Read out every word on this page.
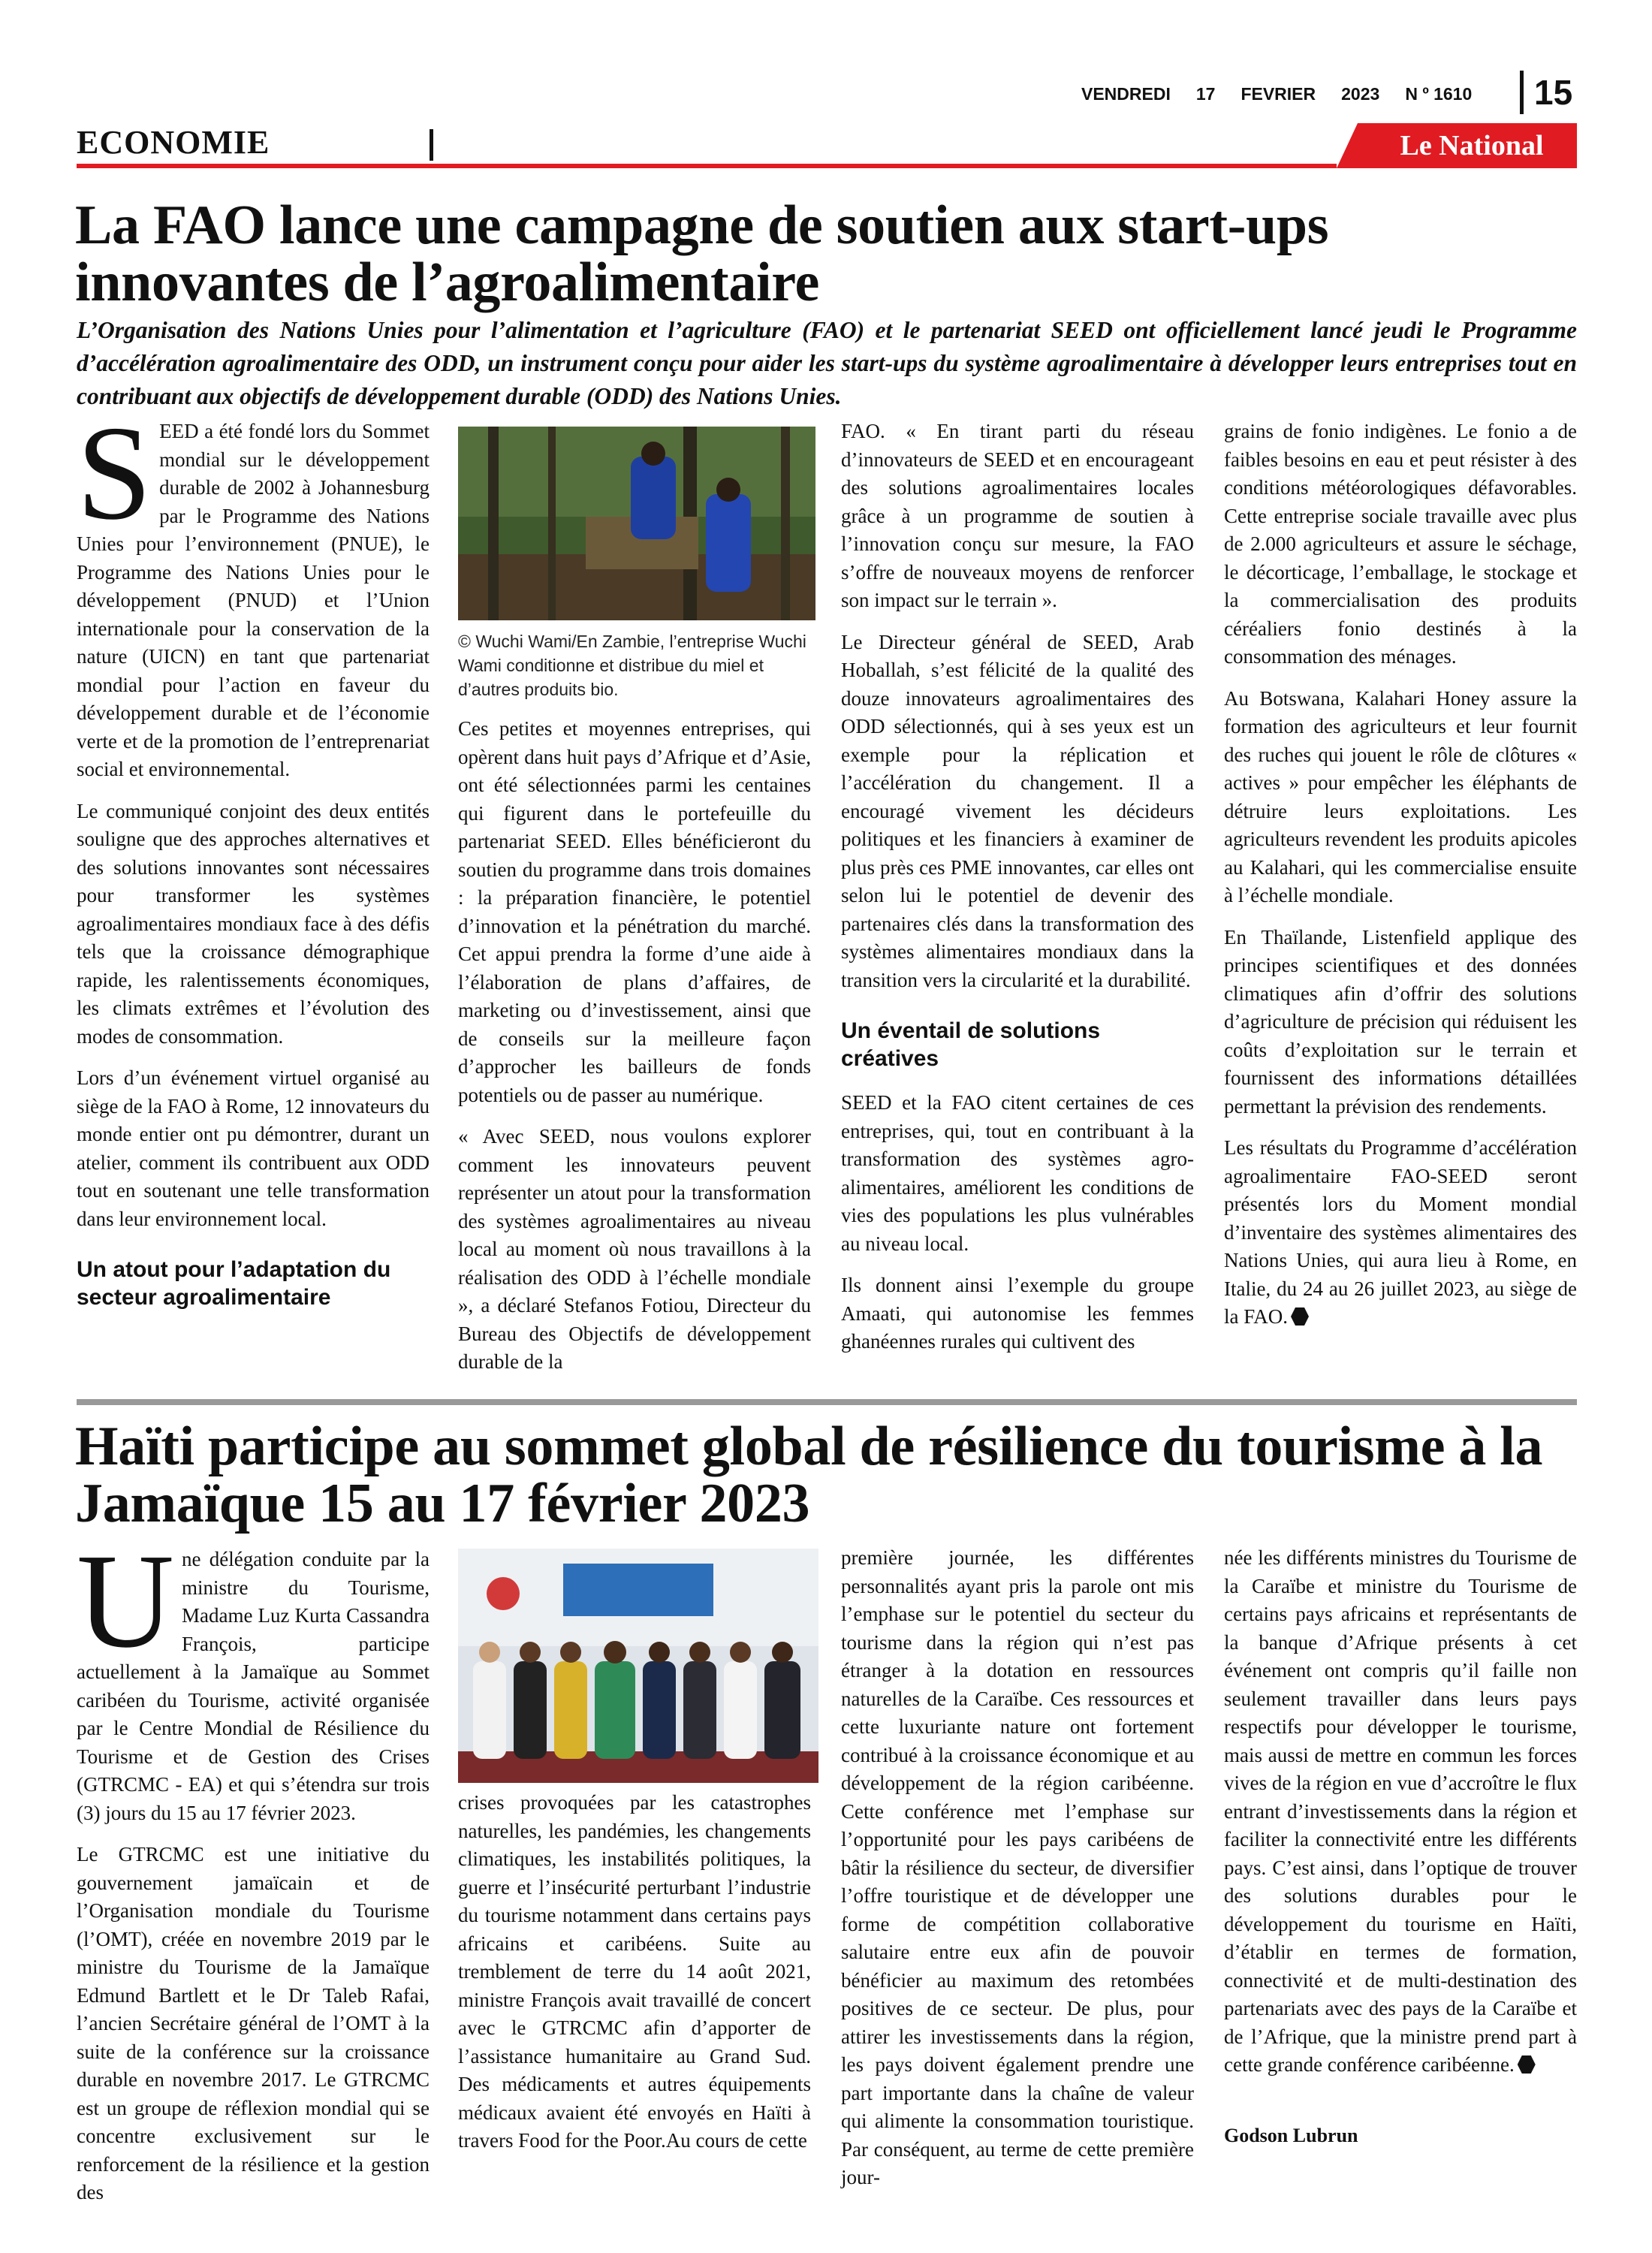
VENDREDI 17 FEVRIER 2023 N º 1610	15
ECONOMIE	Le National
La FAO lance une campagne de soutien aux start-ups innovantes de l’agroalimentaire

L’Organisation des Nations Unies pour l’alimentation et l’agriculture (FAO) et le partenariat SEED ont officiellement lancé jeudi le Programme d’accélération agroalimentaire des ODD, un instrument conçu pour aider les start-ups du système agroalimentaire à développer leurs entreprises tout en contribuant aux objectifs de développement durable (ODD) des Nations Unies.

SEED a été fondé lors du Sommet mondial sur le développement durable de 2002 à Johannesburg par le Programme des Nations Unies pour l’environnement (PNUE), le Programme des Nations Unies pour le développement (PNUD) et l’Union internationale pour la conservation de la nature (UICN) en tant que partenariat mondial pour l’action en faveur du développement durable et de l’économie verte et de la promotion de l’entreprenariat social et environnemental.

Le communiqué conjoint des deux entités souligne que des approches alternatives et des solutions innovantes sont nécessaires pour transformer les systèmes agroalimentaires mondiaux face à des défis tels que la croissance démographique rapide, les ralentissements économiques, les climats extrêmes et l’évolution des modes de consommation.

Lors d’un événement virtuel organisé au siège de la FAO à Rome, 12 innovateurs du monde entier ont pu démontrer, durant un atelier, comment ils contribuent aux ODD tout en soutenant une telle transformation dans leur environnement local.

Un atout pour l’adaptation du secteur agroalimentaire
© Wuchi Wami/En Zambie, l’entreprise Wuchi Wami conditionne et distribue du miel et d’autres produits bio.

Ces petites et moyennes entreprises, qui opèrent dans huit pays d’Afrique et d’Asie, ont été sélectionnées parmi les centaines qui figurent dans le portefeuille du partenariat SEED. Elles bénéficieront du soutien du programme dans trois domaines : la préparation financière, le potentiel d’innovation et la pénétration du marché. Cet appui prendra la forme d’une aide à l’élaboration de plans d’affaires, de marketing ou d’investissement, ainsi que de conseils sur la meilleure façon d’approcher les bailleurs de fonds potentiels ou de passer au numérique.

« Avec SEED, nous voulons explorer comment les innovateurs peuvent représenter un atout pour la transformation des systèmes agroalimentaires au niveau local au moment où nous travaillons à la réalisation des ODD à l’échelle mondiale », a déclaré Stefanos Fotiou, Directeur du Bureau des Objectifs de développement durable de la

FAO. « En tirant parti du réseau d’innovateurs de SEED et en encourageant des solutions agroalimentaires locales grâce à un programme de soutien à l’innovation conçu sur mesure, la FAO s’offre de nouveaux moyens de renforcer son impact sur le terrain ».

Le Directeur général de SEED, Arab Hoballah, s’est félicité de la qualité des douze innovateurs agroalimentaires des ODD sélectionnés, qui à ses yeux est un exemple pour la réplication et l’accélération du changement. Il a encouragé vivement les décideurs politiques et les financiers à examiner de plus près ces PME innovantes, car elles ont selon lui le potentiel de devenir des partenaires clés dans la transformation des systèmes alimentaires mondiaux dans la transition vers la circularité et la durabilité.

Un éventail de solutions créatives

SEED et la FAO citent certaines de ces entreprises, qui, tout en contribuant à la transformation des systèmes agro-alimentaires, améliorent les conditions de vies des populations les plus vulnérables au niveau local.

Ils donnent ainsi l’exemple du groupe Amaati, qui autonomise les femmes ghanéennes rurales qui cultivent des

grains de fonio indigènes. Le fonio a de faibles besoins en eau et peut résister à des conditions météorologiques défavorables. Cette entreprise sociale travaille avec plus de 2.000 agriculteurs et assure le séchage, le décorticage, l’emballage, le stockage et la commercialisation des produits céréaliers fonio destinés à la consommation des ménages.

Au Botswana, Kalahari Honey assure la formation des agriculteurs et leur fournit des ruches qui jouent le rôle de clôtures « actives » pour empêcher les éléphants de détruire leurs exploitations. Les agriculteurs revendent les produits apicoles au Kalahari, qui les commercialise ensuite à l’échelle mondiale.

En Thaïlande, Listenfield applique des principes scientifiques et des données climatiques afin d’offrir des solutions d’agriculture de précision qui réduisent les coûts d’exploitation sur le terrain et fournissent des informations détaillées permettant la prévision des rendements.

Les résultats du Programme d’accélération agroalimentaire FAO-SEED seront présentés lors du Moment mondial d’inventaire des systèmes alimentaires des Nations Unies, qui aura lieu à Rome, en Italie, du 24 au 26 juillet 2023, au siège de la FAO.

Haïti participe au sommet global de résilience du tourisme à la Jamaïque 15 au 17 février 2023

Une délégation conduite par la ministre du Tourisme, Madame Luz Kurta Cassandra François, participe actuellement à la Jamaïque au Sommet caribéen du Tourisme, activité organisée par le Centre Mondial de Résilience du Tourisme et de Gestion des Crises (GTRCMC - EA) et qui s’étendra sur trois (3) jours du 15 au 17 février 2023.

Le GTRCMC est une initiative du gouvernement jamaïcain et de l’Organisation mondiale du Tourisme (l’OMT), créée en novembre 2019 par le ministre du Tourisme de la Jamaïque Edmund Bartlett et le Dr Taleb Rafai, l’ancien Secrétaire général de l’OMT à la suite de la conférence sur la croissance durable en novembre 2017. Le GTRCMC est un groupe de réflexion mondial qui se concentre exclusivement sur le renforcement de la résilience et la gestion des

crises provoquées par les catastrophes naturelles, les pandémies, les changements climatiques, les instabilités politiques, la guerre et l’insécurité perturbant l’industrie du tourisme notamment dans certains pays africains et caribéens. Suite au tremblement de terre du 14 août 2021, ministre François avait travaillé de concert avec le GTRCMC afin d’apporter de l’assistance humanitaire au Grand Sud. Des médicaments et autres équipements médicaux avaient été envoyés en Haïti à travers Food for the Poor.Au cours de cette

première journée, les différentes personnalités ayant pris la parole ont mis l’emphase sur le potentiel du secteur du tourisme dans la région qui n’est pas étranger à la dotation en ressources naturelles de la Caraïbe. Ces ressources et cette luxuriante nature ont fortement contribué à la croissance économique et au développement de la région caribéenne. Cette conférence met l’emphase sur l’opportunité pour les pays caribéens de bâtir la résilience du secteur, de diversifier l’offre touristique et de développer une forme de compétition collaborative salutaire entre eux afin de pouvoir bénéficier au maximum des retombées positives de ce secteur. De plus, pour attirer les investissements dans la région, les pays doivent également prendre une part importante dans la chaîne de valeur qui alimente la consommation touristique. Par conséquent, au terme de cette première jour-

née les différents ministres du Tourisme de la Caraïbe et ministre du Tourisme de certains pays africains et représentants de la banque d’Afrique présents à cet événement ont compris qu’il faille non seulement travailler dans leurs pays respectifs pour développer le tourisme, mais aussi de mettre en commun les forces vives de la région en vue d’accroître le flux entrant d’investissements dans la région et faciliter la connectivité entre les différents pays. C’est ainsi, dans l’optique de trouver des solutions durables pour le développement du tourisme en Haïti, d’établir en termes de formation, connectivité et de multi-destination des partenariats avec des pays de la Caraïbe et de l’Afrique, que la ministre prend part à cette grande conférence caribéenne.

Godson Lubrun
